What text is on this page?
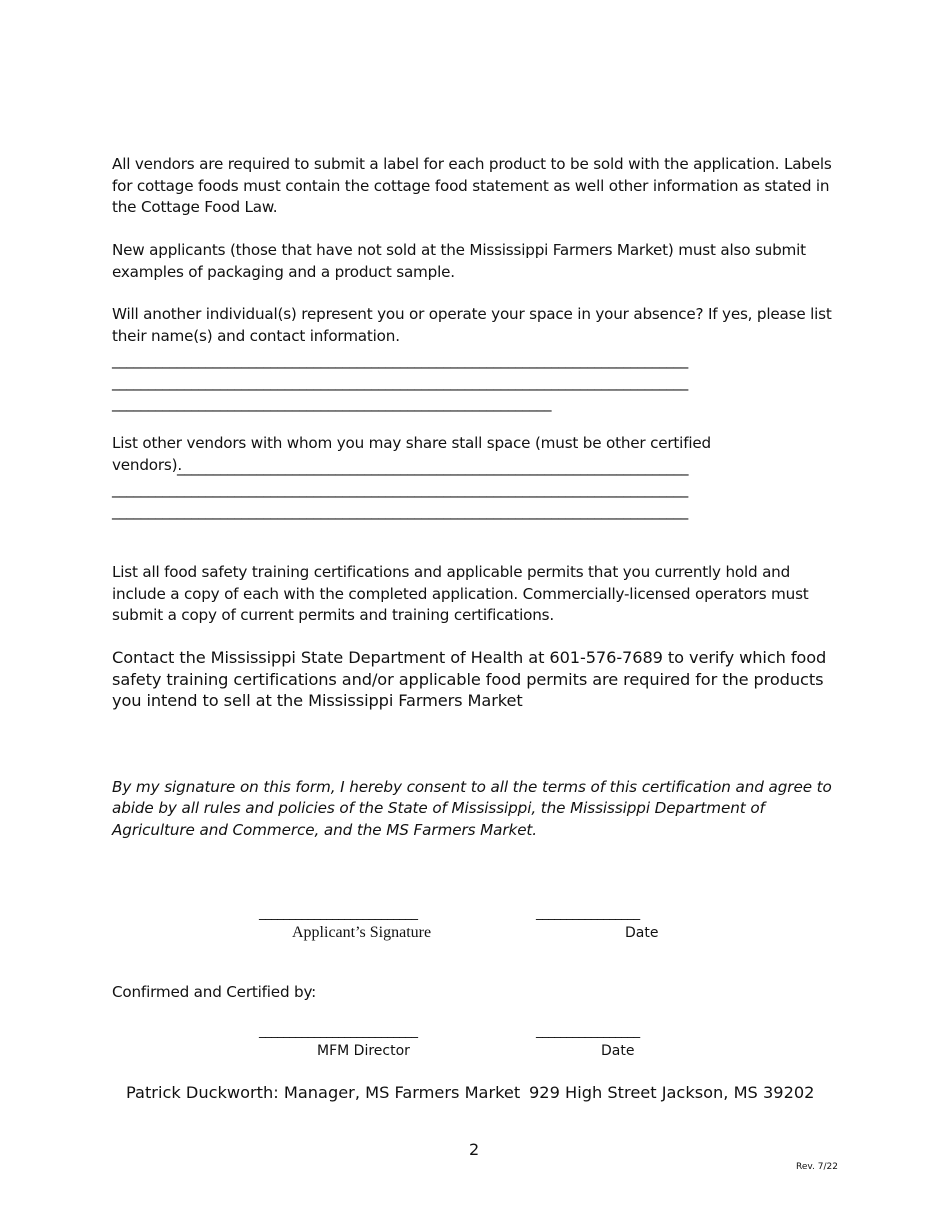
All vendors are required to submit a label for each product to be sold with the application. Labels
for cottage foods must contain the cottage food statement as well other information as stated in
the Cottage Food Law.
New applicants (those that have not sold at the Mississippi Farmers Market) must also submit
examples of packaging and a product sample.
Will another individual(s) represent you or operate your space in your absence? If yes, please list
their name(s) and contact information.
________________________________________________________________________________
________________________________________________________________________________
_____________________________________________________________
List other vendors with whom you may share stall space (must be other certified
vendors).
_______________________________________________________________________
________________________________________________________________________________
________________________________________________________________________________
List all food safety training certifications and applicable permits that you currently hold and
include a copy of each with the completed application. Commercially-licensed operators must
submit a copy of current permits and training certifications.
Contact the Mississippi State Department of Health at 601-576-7689 to verify which food
safety training certifications and/or applicable food permits are required for the products
you intend to sell at the Mississippi Farmers Market
By my signature on this form, I hereby consent to all the terms of this certification and agree to
abide by all rules and policies of the State of Mississippi, the Mississippi Department of
Agriculture and Commerce, and the MS Farmers Market.
__________________________	_________________
Applicant’s Signature	Date
Confirmed and Certified by:
__________________________	_________________
MFM Director	Date
Patrick Duckworth: Manager, MS Farmers Market 929 High Street Jackson, MS 39202
2
Rev. 7/22
